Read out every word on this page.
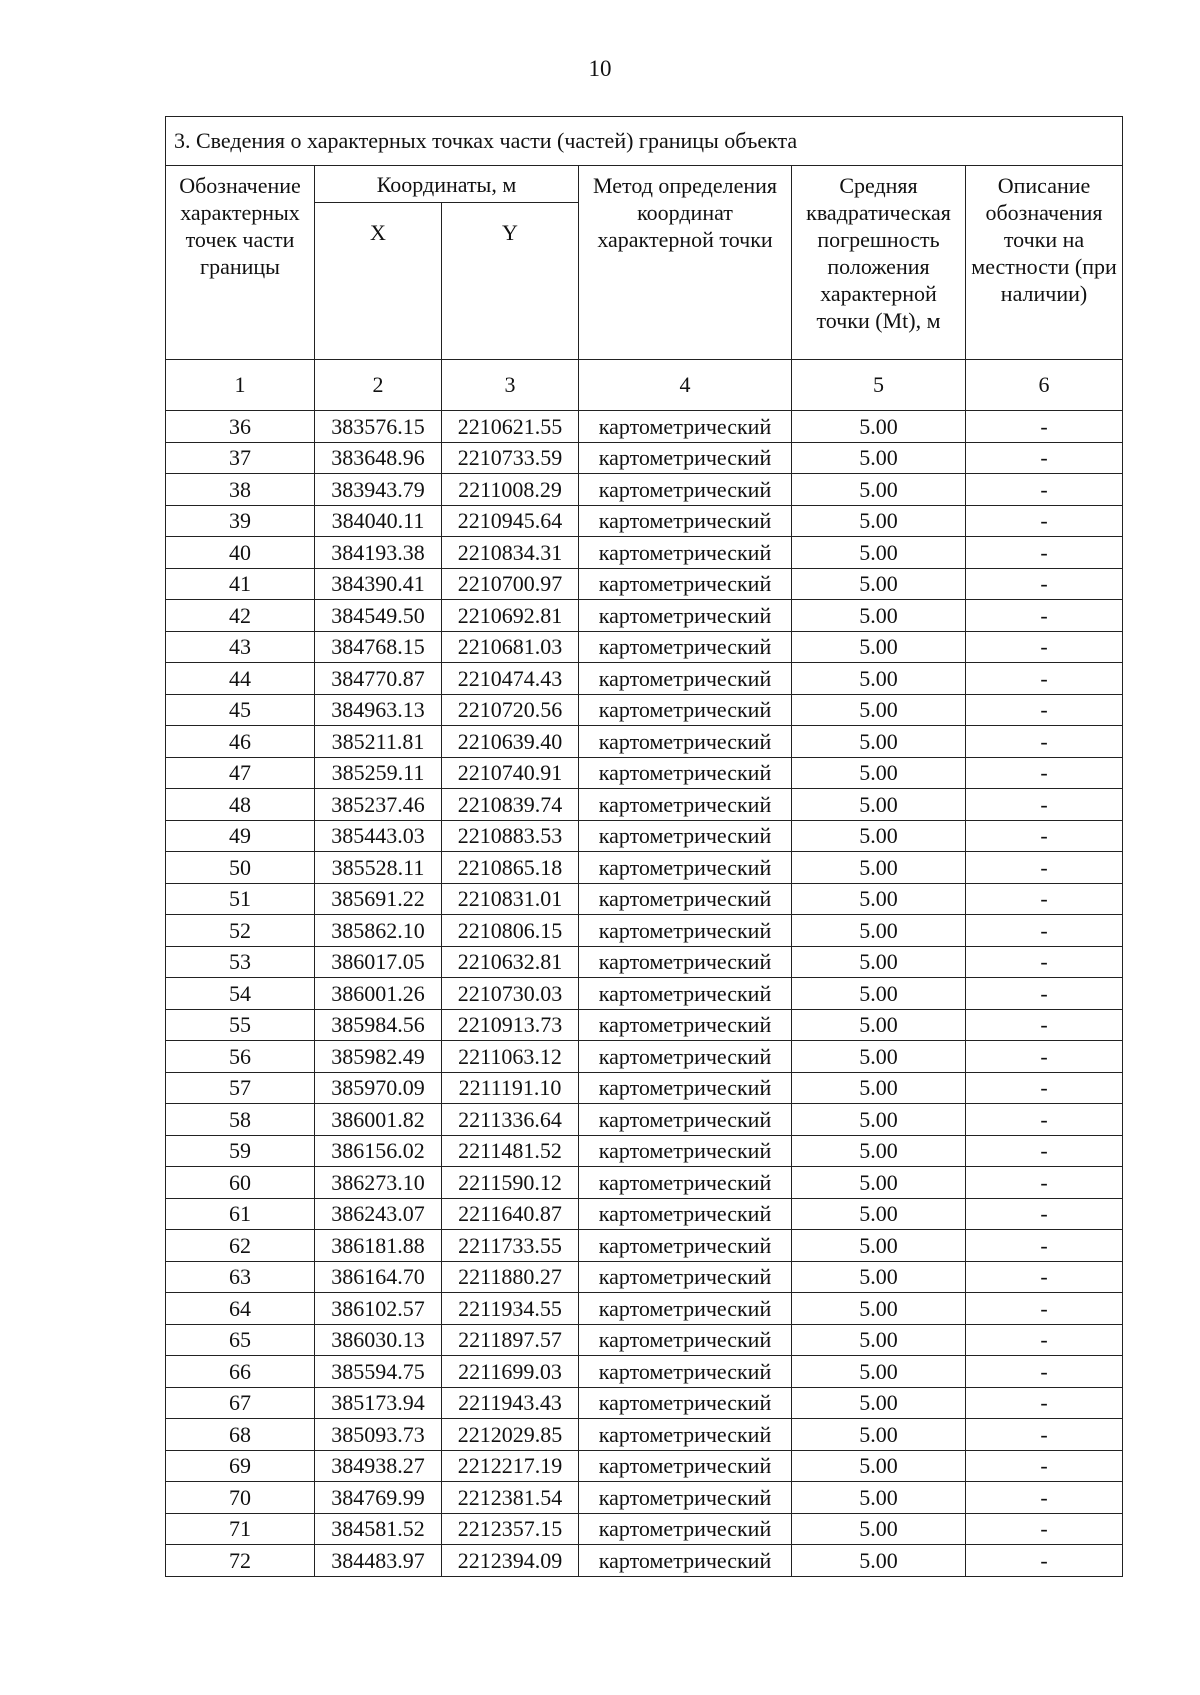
10
3. Сведения о характерных точках части (частей) границы объекта					
Обозначение характерных точек части границы	Координаты, м		Метод определения координат характерной точки	Средняя квадратическая погрешность положения характерной точки (Mt), м	Описание обозначения точки на местности (при наличии)
	X	Y			
1	2	3	4	5	6
36	383576.15	2210621.55	картометрический	5.00	-
37	383648.96	2210733.59	картометрический	5.00	-
38	383943.79	2211008.29	картометрический	5.00	-
39	384040.11	2210945.64	картометрический	5.00	-
40	384193.38	2210834.31	картометрический	5.00	-
41	384390.41	2210700.97	картометрический	5.00	-
42	384549.50	2210692.81	картометрический	5.00	-
43	384768.15	2210681.03	картометрический	5.00	-
44	384770.87	2210474.43	картометрический	5.00	-
45	384963.13	2210720.56	картометрический	5.00	-
46	385211.81	2210639.40	картометрический	5.00	-
47	385259.11	2210740.91	картометрический	5.00	-
48	385237.46	2210839.74	картометрический	5.00	-
49	385443.03	2210883.53	картометрический	5.00	-
50	385528.11	2210865.18	картометрический	5.00	-
51	385691.22	2210831.01	картометрический	5.00	-
52	385862.10	2210806.15	картометрический	5.00	-
53	386017.05	2210632.81	картометрический	5.00	-
54	386001.26	2210730.03	картометрический	5.00	-
55	385984.56	2210913.73	картометрический	5.00	-
56	385982.49	2211063.12	картометрический	5.00	-
57	385970.09	2211191.10	картометрический	5.00	-
58	386001.82	2211336.64	картометрический	5.00	-
59	386156.02	2211481.52	картометрический	5.00	-
60	386273.10	2211590.12	картометрический	5.00	-
61	386243.07	2211640.87	картометрический	5.00	-
62	386181.88	2211733.55	картометрический	5.00	-
63	386164.70	2211880.27	картометрический	5.00	-
64	386102.57	2211934.55	картометрический	5.00	-
65	386030.13	2211897.57	картометрический	5.00	-
66	385594.75	2211699.03	картометрический	5.00	-
67	385173.94	2211943.43	картометрический	5.00	-
68	385093.73	2212029.85	картометрический	5.00	-
69	384938.27	2212217.19	картометрический	5.00	-
70	384769.99	2212381.54	картометрический	5.00	-
71	384581.52	2212357.15	картометрический	5.00	-
72	384483.97	2212394.09	картометрический	5.00	-
